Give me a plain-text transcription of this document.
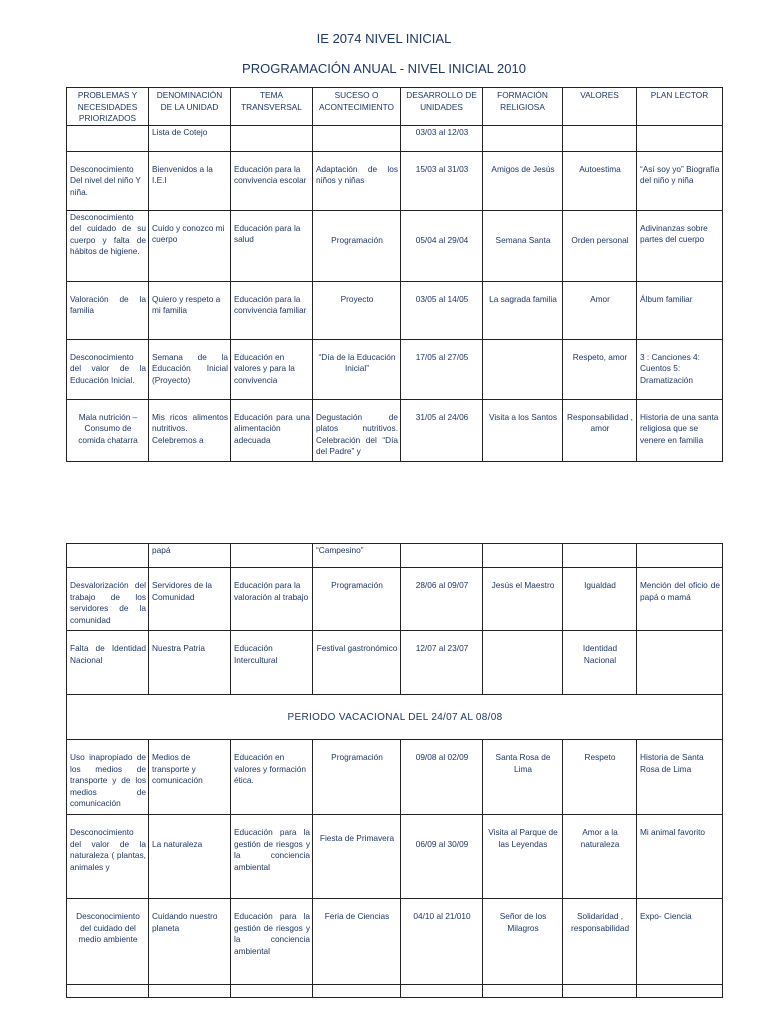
IE 2074 NIVEL INICIAL
PROGRAMACIÓN ANUAL - NIVEL INICIAL 2010
PROBLEMAS Y NECESIDADES PRIORIZADOS	DENOMINACIÓN DE LA UNIDAD	TEMA TRANSVERSAL	SUCESO O ACONTECIMIENTO	DESARROLLO DE UNIDADES	FORMACIÓN RELIGIOSA	VALORES	PLAN LECTOR
	Lista de Cotejo			03/03 al 12/03			
Desconocimiento Del nivel del niño Y niña.	Bienvenidos a la I.E.I	Educación para la convivencia escolar	Adaptación de los niños y niñas	15/03 al 31/03	Amigos de Jesús	Autoestima	“Así soy yo” Biografía del niño y niña
Desconocimiento del cuidado de su cuerpo y falta de hábitos de higiene.	Cuido y conozco mi cuerpo	Educación para la salud	Programación	05/04 al 29/04	Semana Santa	Orden personal	Adivinanzas sobre partes del cuerpo
Valoración de la familia	Quiero y respeto a mi familia	Educación para la convivencia familiar	Proyecto	03/05 al 14/05	La sagrada familia	Amor	Álbum familiar
Desconocimiento del valor de la Educación Inicial.	Semana de la Educación Inicial (Proyecto)	Educación en valores y para la convivencia	“Día de la Educación Inicial”	17/05 al 27/05		Respeto, amor	3 : Canciones 4: Cuentos 5: Dramatización
Mala nutrición – Consumo de comida chatarra	Mis ricos alimentos nutritivos. Celebremos a	Educación para una alimentación adecuada	Degustación de platos nutritivos. Celebración del “Día del Padre” y	31/05 al 24/06	Visita a los Santos	Responsabilidad , amor	Historia de una santa religiosa que se venere en familia
	papá		“Campesino”				
Desvalorización del trabajo de los servidores de la comunidad	Servidores de la Comunidad	Educación para la valoración al trabajo	Programación	28/06 al 09/07	Jesús el Maestro	Igualdad	Mención del oficio de papá o mamá
Falta de Identidad Nacional	Nuestra Patria	Educación Intercultural	Festival gastronómico	12/07 al 23/07		Identidad Nacional	
PERIODO VACACIONAL DEL 24/07 AL 08/08							
Uso inapropiado de los medios de transporte y de los medios de comunicación	Medios de transporte y comunicación	Educación en valores y formación ética.	Programación	09/08 al 02/09	Santa Rosa de Lima	Respeto	Historia de Santa Rosa de Lima
Desconocimiento del valor de la naturaleza ( plantas, animales y	La naturaleza	Educación para la gestión de riesgos y la conciencia ambiental	Fiesta de Primavera	06/09 al 30/09	Visita al Parque de las Leyendas	Amor a la naturaleza	Mi animal favorito
Desconocimiento del cuidado del medio ambiente	Cuidando nuestro planeta	Educación para la gestión de riesgos y la conciencia ambiental	Feria de Ciencias	04/10 al 21/010	Señor de los Milagros	Solidaridad , responsabilidad	Expo- Ciencia
